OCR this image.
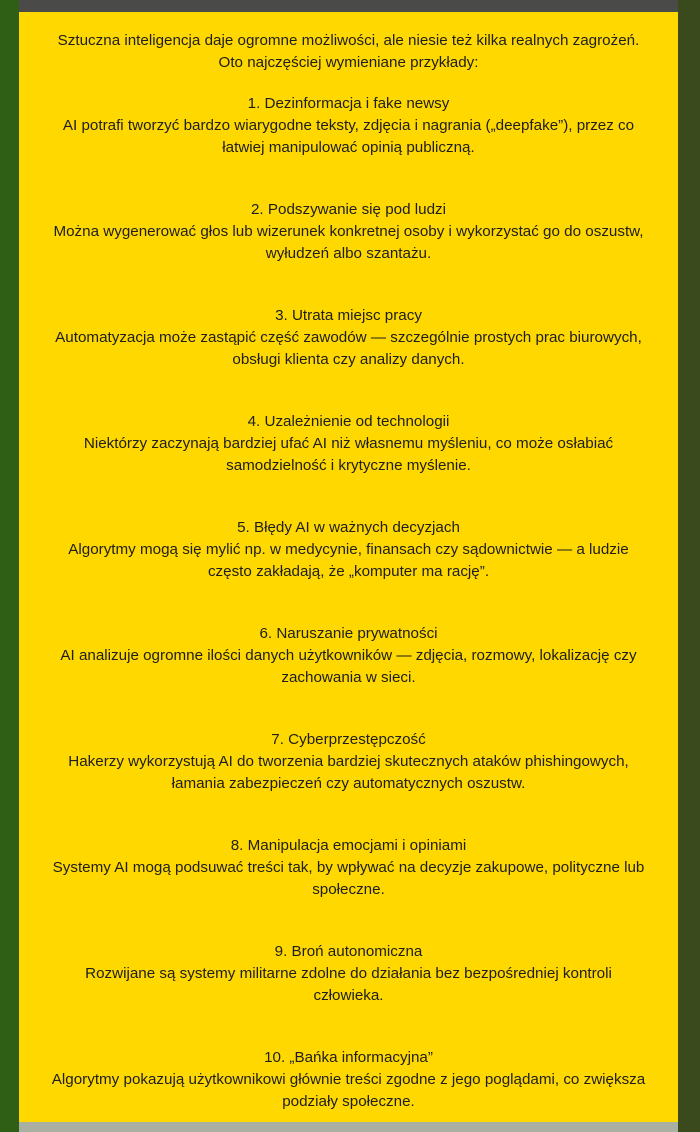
Sztuczna inteligencja daje ogromne możliwości, ale niesie też kilka realnych zagrożeń.
Oto najczęściej wymieniane przykłady:

1. Dezinformacja i fake newsy
AI potrafi tworzyć bardzo wiarygodne teksty, zdjęcia i nagrania („deepfake”), przez co
łatwiej manipulować opinią publiczną.

2. Podszywanie się pod ludzi
Można wygenerować głos lub wizerunek konkretnej osoby i wykorzystać go do oszustw,
wyłudzeń albo szantażu.

3. Utrata miejsc pracy
Automatyzacja może zastąpić część zawodów — szczególnie prostych prac biurowych,
obsługi klienta czy analizy danych.

4. Uzależnienie od technologii
Niektórzy zaczynają bardziej ufać AI niż własnemu myśleniu, co może osłabiać
samodzielność i krytyczne myślenie.

5. Błędy AI w ważnych decyzjach
Algorytmy mogą się mylić np. w medycynie, finansach czy sądownictwie — a ludzie
często zakładają, że „komputer ma rację”.

6. Naruszanie prywatności
AI analizuje ogromne ilości danych użytkowników — zdjęcia, rozmowy, lokalizację czy
zachowania w sieci.

7. Cyberprzestępczość
Hakerzy wykorzystują AI do tworzenia bardziej skutecznych ataków phishingowych,
łamania zabezpieczeń czy automatycznych oszustw.

8. Manipulacja emocjami i opiniami
Systemy AI mogą podsuwać treści tak, by wpływać na decyzje zakupowe, polityczne lub
społeczne.

9. Broń autonomiczna
Rozwijane są systemy militarne zdolne do działania bez bezpośredniej kontroli
człowieka.

10. „Bańka informacyjna”
Algorytmy pokazują użytkownikowi głównie treści zgodne z jego poglądami, co zwiększa
podziały społeczne.
